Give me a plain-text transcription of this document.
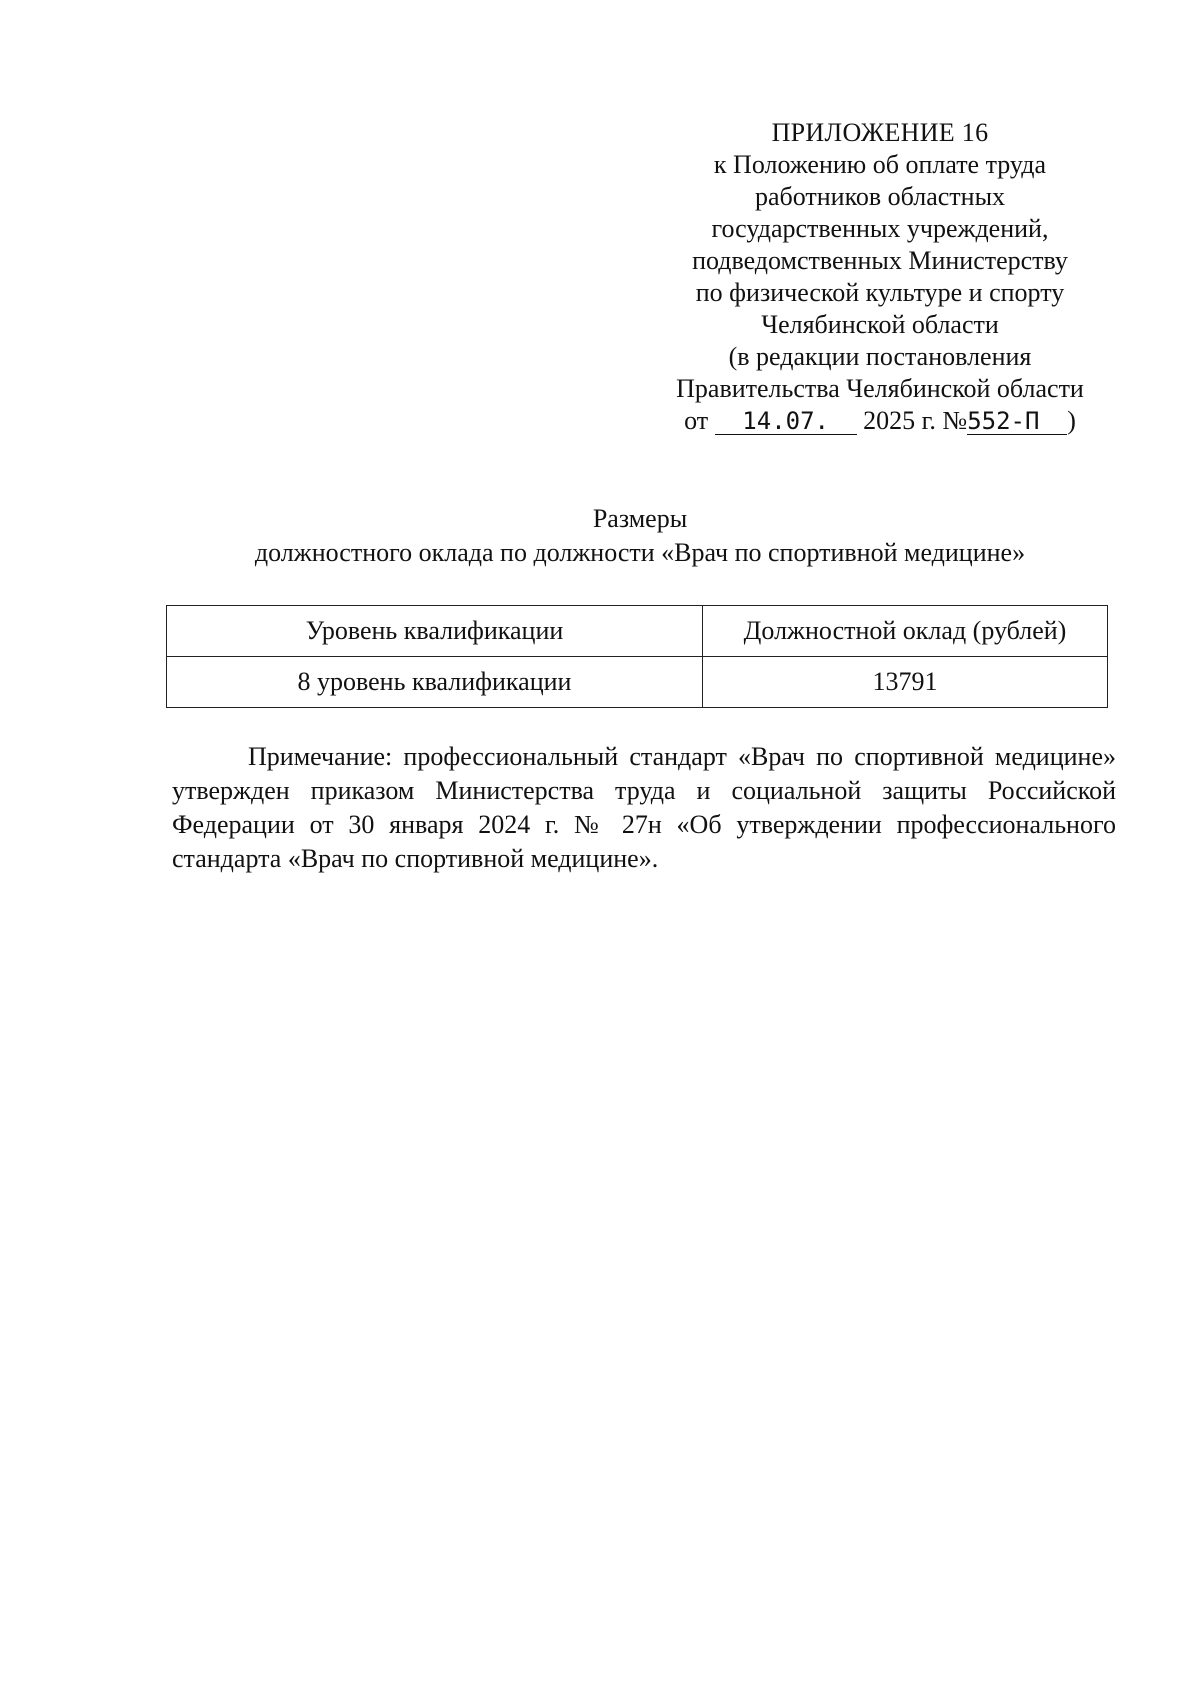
ПРИЛОЖЕНИЕ 16
к Положению об оплате труда
работников областных
государственных учреждений,
подведомственных Министерству
по физической культуре и спорту
Челябинской области
(в редакции постановления
Правительства Челябинской области
от 14.07. 2025 г. №552-П )
Размеры
должностного оклада по должности «Врач по спортивной медицине»
Уровень квалификации	Должностной оклад (рублей)
8 уровень квалификации	13791
Примечание: профессиональный стандарт «Врач по спортивной медицине» утвержден приказом Министерства труда и социальной защиты Российской Федерации от 30 января 2024 г. № 27н «Об утверждении профессионального стандарта «Врач по спортивной медицине».
